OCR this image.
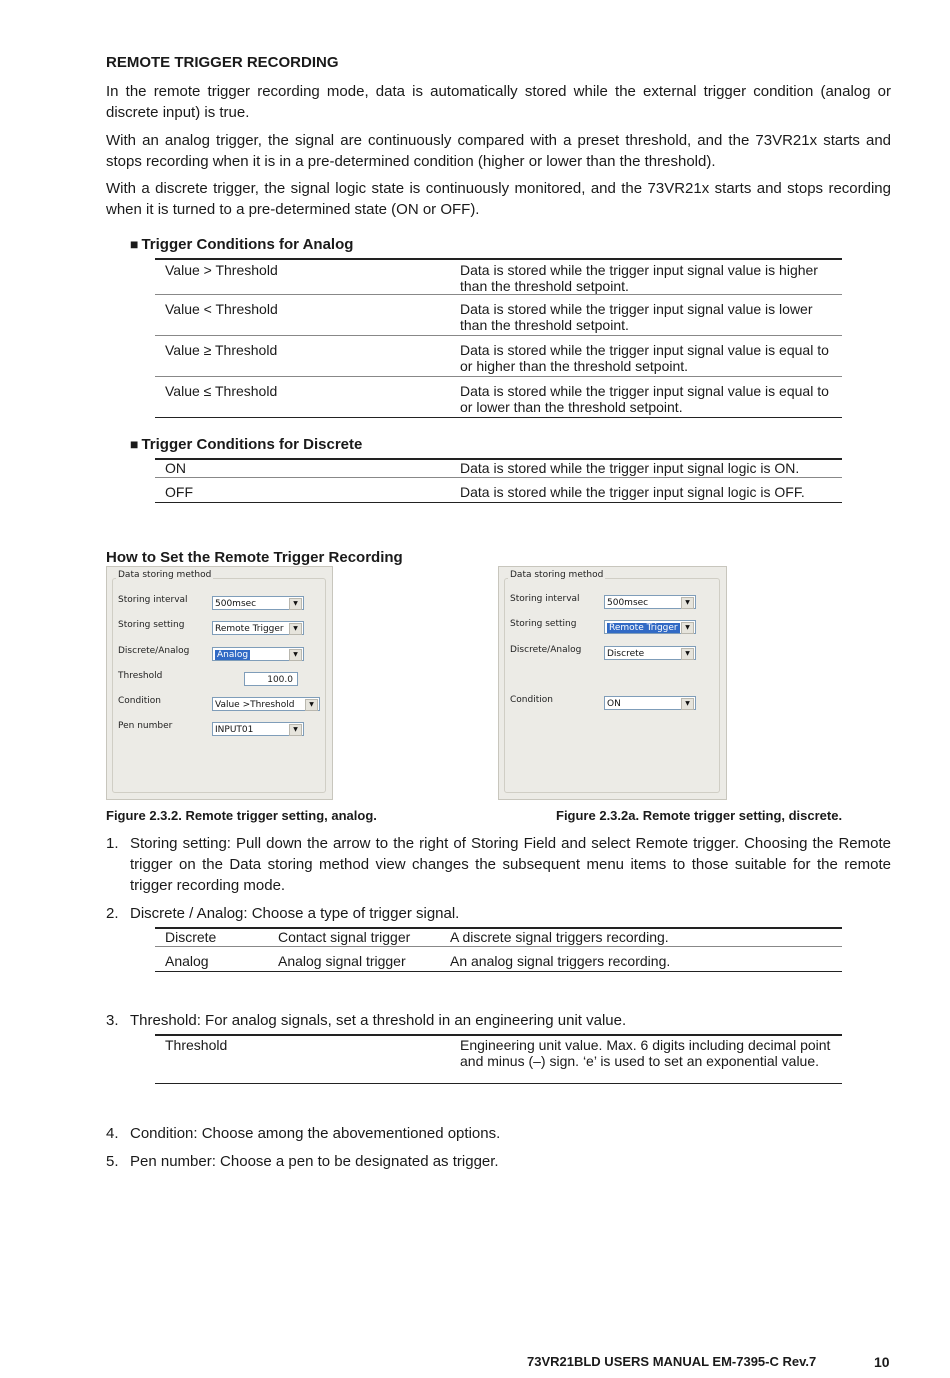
REMOTE TRIGGER RECORDING

In the remote trigger recording mode, data is automatically stored while the external trigger condition (analog or discrete input) is true.

With an analog trigger, the signal are continuously compared with a preset threshold, and the 73VR21x starts and stops recording when it is in a pre-determined condition (higher or lower than the threshold).

With a discrete trigger, the signal logic state is continuously monitored, and the 73VR21x starts and stops recording when it is turned to a pre-determined state (ON or OFF).

■ Trigger Conditions for Analog
Value > Threshold	Data is stored while the trigger input signal value is higher than the threshold setpoint.
Value < Threshold	Data is stored while the trigger input signal value is lower than the threshold setpoint.
Value ≥ Threshold	Data is stored while the trigger input signal value is equal to or higher than the threshold setpoint.
Value ≤ Threshold	Data is stored while the trigger input signal value is equal to or lower than the threshold setpoint.
■ Trigger Conditions for Discrete
ON	Data is stored while the trigger input signal logic is ON.
OFF	Data is stored while the trigger input signal logic is OFF.
How to Set the Remote Trigger Recording
Data storing method
Storing interval	500msec	▼
Storing setting	Remote Trigger	▼
Discrete/Analog	Analog	▼
Threshold	100.0
Condition	Value >Threshold	▼
Pen number	INPUT01	▼
Data storing method
Storing interval	500msec	▼
Storing setting	Remote Trigger	▼
Discrete/Analog	Discrete	▼
Condition	ON	▼
Figure 2.3.2. Remote trigger setting, analog.	Figure 2.3.2a. Remote trigger setting, discrete.
1. Storing setting: Pull down the arrow to the right of Storing Field and select Remote trigger. Choosing the Remote trigger on the Data storing method view changes the subsequent menu items to those suitable for the remote trigger recording mode.
2. Discrete / Analog: Choose a type of trigger signal.
Discrete	Contact signal trigger	A discrete signal triggers recording.
Analog	Analog signal trigger	An analog signal triggers recording.
3. Threshold: For analog signals, set a threshold in an engineering unit value.
Threshold	Engineering unit value. Max. 6 digits including decimal point and minus (–) sign. ‘e’ is used to set an exponential value.
4. Condition: Choose among the abovementioned options.
5. Pen number: Choose a pen to be designated as trigger.
73VR21BLD USERS MANUAL EM-7395-C Rev.7	10
